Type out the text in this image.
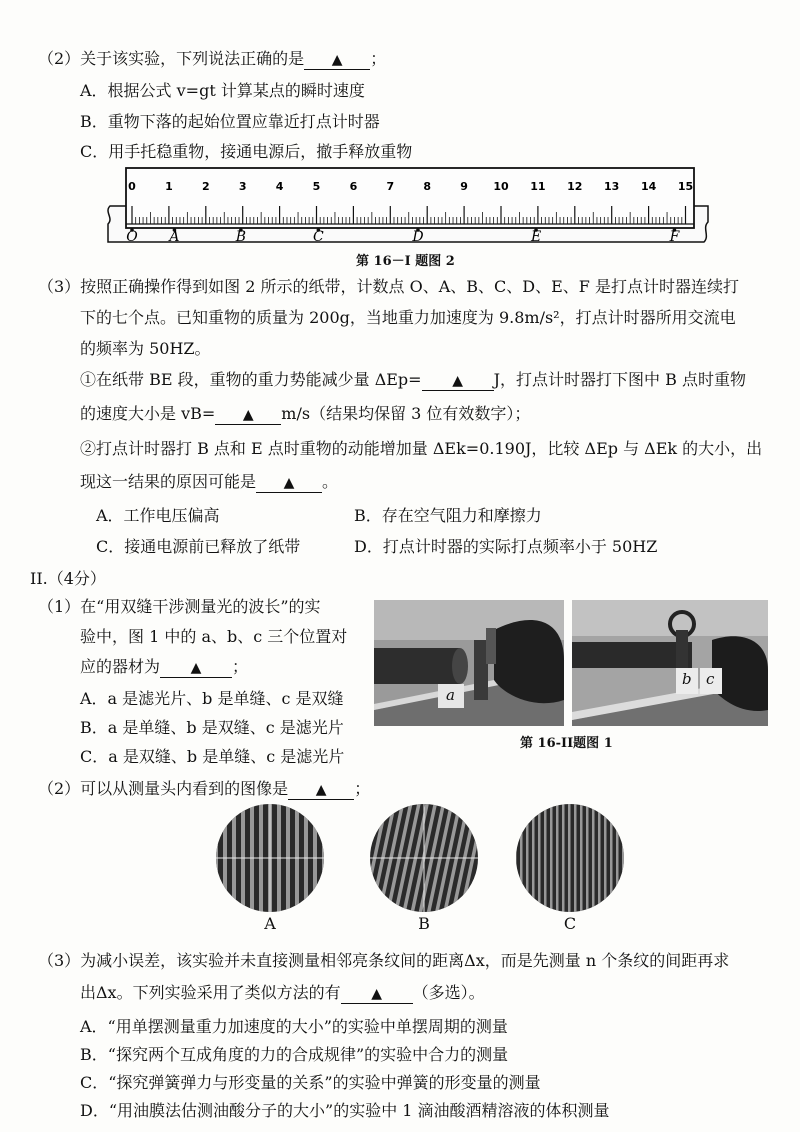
（2）关于该实验，下列说法正确的是 ▲ ；
A．根据公式 v=gt 计算某点的瞬时速度
B．重物下落的起始位置应靠近打点计时器
C．用手托稳重物，接通电源后，撤手释放重物
0	1	2	3	4	5	6	7	8	9 10 11 12 13 14 15
O A	B	C	D	E	F
第 16－I 题图 2
（3）按照正确操作得到如图 2 所示的纸带，计数点 O、A、B、C、D、E、F 是打点计时器连续打
下的七个点。已知重物的质量为 200g，当地重力加速度为 9.8m/s²，打点计时器所用交流电
的频率为 50HZ。
①在纸带 BE 段，重物的重力势能减少量 ΔEp= ▲ J，打点计时器打下图中 B 点时重物
的速度大小是 vB= ▲ m/s（结果均保留 3 位有效数字）；
②打点计时器打 B 点和 E 点时重物的动能增加量 ΔEk=0.190J，比较 ΔEp 与 ΔEk 的大小，出
现这一结果的原因可能是 ▲ 。
A．工作电压偏高	B．存在空气阻力和摩擦力
C．接通电源前已释放了纸带	D．打点计时器的实际打点频率小于 50HZ
II.（4分）
（1）在“用双缝干涉测量光的波长”的实
验中，图 1 中的 a、b、c 三个位置对
应的器材为 ▲ ；
A．a 是滤光片、b 是单缝、c 是双缝
B．a 是单缝、b 是双缝、c 是滤光片
C．a 是双缝、b 是单缝、c 是滤光片
a
b c
第 16-II题图 1
（2）可以从测量头内看到的图像是 ▲ ；
A	B	C
（3）为减小误差，该实验并未直接测量相邻亮条纹间的距离Δx，而是先测量 n 个条纹的间距再求
出Δx。下列实验采用了类似方法的有 ▲ （多选）。
A．“用单摆测量重力加速度的大小”的实验中单摆周期的测量
B．“探究两个互成角度的力的合成规律”的实验中合力的测量
C．“探究弹簧弹力与形变量的关系”的实验中弹簧的形变量的测量
D．“用油膜法估测油酸分子的大小”的实验中 1 滴油酸酒精溶液的体积测量
